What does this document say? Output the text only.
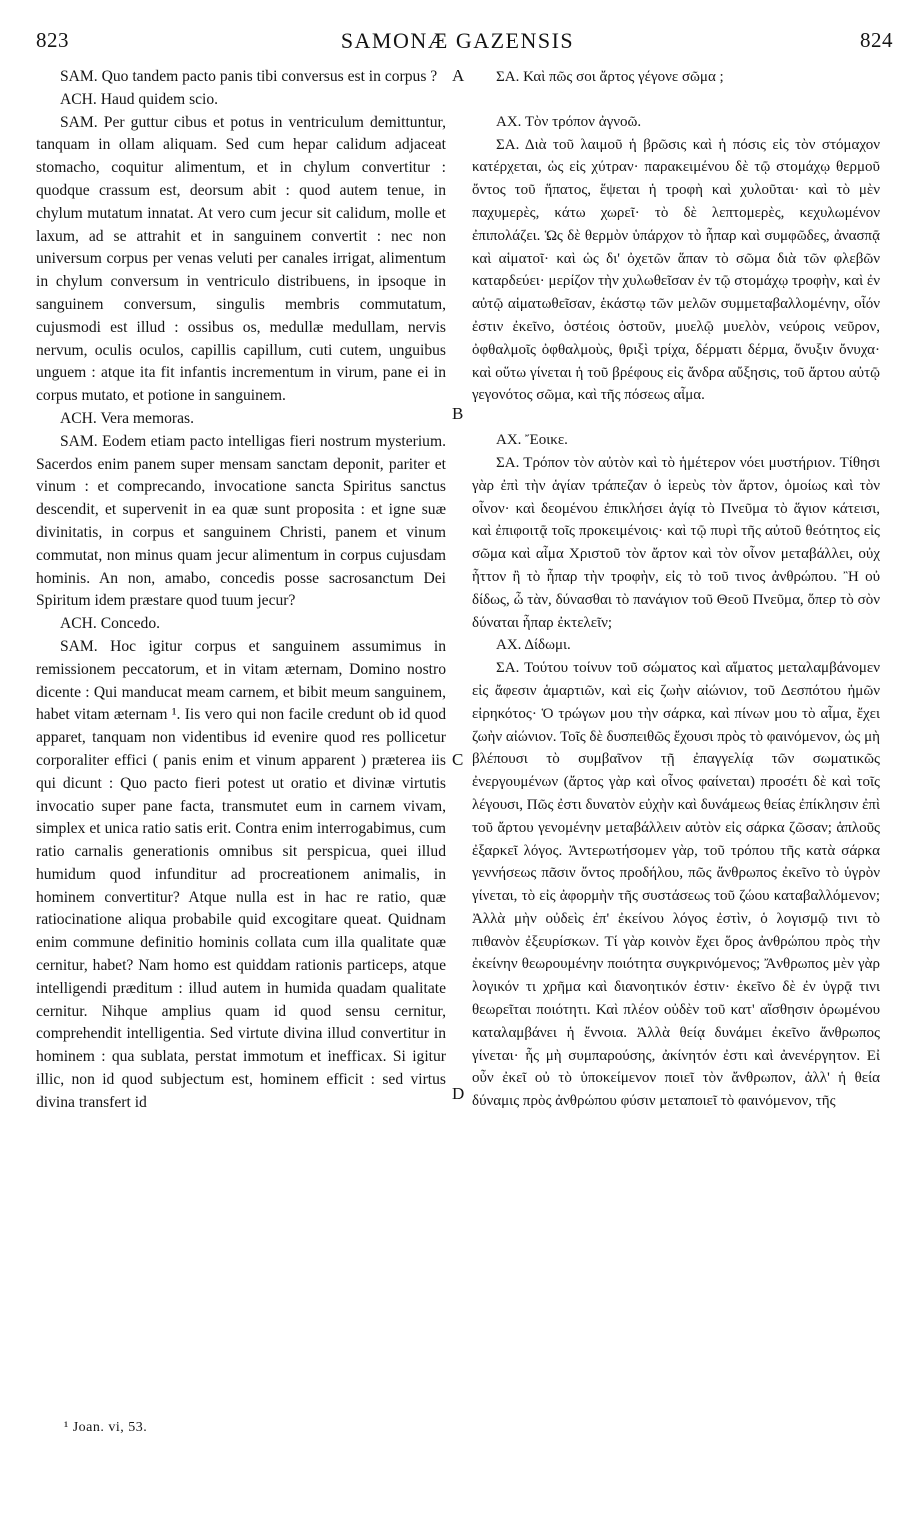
823	SAMONÆ GAZENSIS	824
A
B
C
D

SAM. Quo tandem pacto panis tibi conversus est in corpus ?

ACH. Haud quidem scio.

SAM. Per guttur cibus et potus in ventriculum demittuntur, tanquam in ollam aliquam. Sed cum hepar calidum adjaceat stomacho, coquitur alimentum, et in chylum convertitur : quodque crassum est, deorsum abit : quod autem tenue, in chylum mutatum innatat. At vero cum jecur sit calidum, molle et laxum, ad se attrahit et in sanguinem convertit : nec non universum corpus per venas veluti per canales irrigat, alimentum in chylum conversum in ventriculo distribuens, in ipsoque in sanguinem conversum, singulis membris commutatum, cujusmodi est illud : ossibus os, medullæ medullam, nervis nervum, oculis oculos, capillis capillum, cuti cutem, unguibus unguem : atque ita fit infantis incrementum in virum, pane ei in corpus mutato, et potione in sanguinem.

ACH. Vera memoras.

SAM. Eodem etiam pacto intelligas fieri nostrum mysterium. Sacerdos enim panem super mensam sanctam deponit, pariter et vinum : et comprecando, invocatione sancta Spiritus sanctus descendit, et supervenit in ea quæ sunt proposita : et igne suæ divinitatis, in corpus et sanguinem Christi, panem et vinum commutat, non minus quam jecur alimentum in corpus cujusdam hominis. An non, amabo, concedis posse sacrosanctum Dei Spiritum idem præstare quod tuum jecur?

ACH. Concedo.

SAM. Hoc igitur corpus et sanguinem assumimus in remissionem peccatorum, et in vitam æternam, Domino nostro dicente : Qui manducat meam carnem, et bibit meum sanguinem, habet vitam æternam ¹. Iis vero qui non facile credunt ob id quod apparet, tanquam non videntibus id evenire quod res pollicetur corporaliter effici ( panis enim et vinum apparent ) præterea iis qui dicunt : Quo pacto fieri potest ut oratio et divinæ virtutis invocatio super pane facta, transmutet eum in carnem vivam, simplex et unica ratio satis erit. Contra enim interrogabimus, cum ratio carnalis generationis omnibus sit perspicua, quei illud humidum quod infunditur ad procreationem animalis, in hominem convertitur? Atque nulla est in hac re ratio, quæ ratiocinatione aliqua probabile quid excogitare queat. Quidnam enim commune definitio hominis collata cum illa qualitate quæ cernitur, habet? Nam homo est quiddam rationis particeps, atque intelligendi præditum : illud autem in humida quadam qualitate cernitur. Nihque amplius quam id quod sensu cernitur, comprehendit intelligentia. Sed virtute divina illud convertitur in hominem : qua sublata, perstat immotum et inefficax. Si igitur illic, non id quod subjectum est, hominem efficit : sed virtus divina transfert id

ΣΑ. Καὶ πῶς σοι ἄρτος γέγονε σῶμα ;

ΑΧ. Τὸν τρόπον ἀγνοῶ.

ΣΑ. Διὰ τοῦ λαιμοῦ ἡ βρῶσις καὶ ἡ πόσις εἰς τὸν στόμαχον κατέρχεται, ὡς εἰς χύτραν· παρακειμένου δὲ τῷ στομάχῳ θερμοῦ ὄντος τοῦ ἥπατος, ἕψεται ἡ τροφὴ καὶ χυλοῦται· καὶ τὸ μὲν παχυμερὲς, κάτω χωρεῖ· τὸ δὲ λεπτομερὲς, κεχυλωμένον ἐπιπολάζει. Ὡς δὲ θερμὸν ὑπάρχον τὸ ἧπαρ καὶ συμφῶδες, ἀνασπᾷ καὶ αἱματοῖ· καὶ ὡς δι' ὀχετῶν ἅπαν τὸ σῶμα διὰ τῶν φλεβῶν καταρδεύει· μερίζον τὴν χυλωθεῖσαν ἐν τῷ στομάχῳ τροφὴν, καὶ ἐν αὐτῷ αἱματωθεῖσαν, ἑκάστῳ τῶν μελῶν συμμεταβαλλομένην, οἷόν ἐστιν ἐκεῖνο, ὀστέοις ὀστοῦν, μυελῷ μυελὸν, νεύροις νεῦρον, ὀφθαλμοῖς ὀφθαλμοὺς, θριξὶ τρίχα, δέρματι δέρμα, ὄνυξιν ὄνυχα· καὶ οὕτω γίνεται ἡ τοῦ βρέφους εἰς ἄνδρα αὔξησις, τοῦ ἄρτου αὐτῷ γεγονότος σῶμα, καὶ τῆς πόσεως αἷμα.

ΑΧ. Ἔοικε.

ΣΑ. Τρόπον τὸν αὐτὸν καὶ τὸ ἡμέτερον νόει μυστήριον. Τίθησι γὰρ ἐπὶ τὴν ἁγίαν τράπεζαν ὁ ἱερεὺς τὸν ἄρτον, ὁμοίως καὶ τὸν οἶνον· καὶ δεομένου ἐπικλήσει ἁγίᾳ τὸ Πνεῦμα τὸ ἅγιον κάτεισι, καὶ ἐπιφοιτᾷ τοῖς προκειμένοις· καὶ τῷ πυρὶ τῆς αὐτοῦ θεότητος εἰς σῶμα καὶ αἷμα Χριστοῦ τὸν ἄρτον καὶ τὸν οἶνον μεταβάλλει, οὐχ ἧττον ἢ τὸ ἧπαρ τὴν τροφὴν, εἰς τὸ τοῦ τινος ἀνθρώπου. Ἢ οὐ δίδως, ὦ τὰν, δύνασθαι τὸ πανάγιον τοῦ Θεοῦ Πνεῦμα, ὅπερ τὸ σὸν δύναται ἧπαρ ἐκτελεῖν;

ΑΧ. Δίδωμι.

ΣΑ. Τούτου τοίνυν τοῦ σώματος καὶ αἵματος μεταλαμβάνομεν εἰς ἄφεσιν ἁμαρτιῶν, καὶ εἰς ζωὴν αἰώνιον, τοῦ Δεσπότου ἡμῶν εἰρηκότος· Ὁ τρώγων μου τὴν σάρκα, καὶ πίνων μου τὸ αἷμα, ἔχει ζωὴν αἰώνιον. Τοῖς δὲ δυσπειθῶς ἔχουσι πρὸς τὸ φαινόμενον, ὡς μὴ βλέπουσι τὸ συμβαῖνον τῇ ἐπαγγελίᾳ τῶν σωματικῶς ἐνεργουμένων (ἄρτος γὰρ καὶ οἶνος φαίνεται) προσέτι δὲ καὶ τοῖς λέγουσι, Πῶς ἐστι δυνατὸν εὐχὴν καὶ δυνάμεως θείας ἐπίκλησιν ἐπὶ τοῦ ἄρτου γενομένην μεταβάλλειν αὐτὸν εἰς σάρκα ζῶσαν; ἁπλοῦς ἐξαρκεῖ λόγος. Ἀντερωτήσομεν γὰρ, τοῦ τρόπου τῆς κατὰ σάρκα γεννήσεως πᾶσιν ὄντος προδήλου, πῶς ἄνθρωπος ἐκεῖνο τὸ ὑγρὸν γίνεται, τὸ εἰς ἀφορμὴν τῆς συστάσεως τοῦ ζώου καταβαλλόμενον; Ἀλλὰ μὴν οὐδεὶς ἐπ' ἐκείνου λόγος ἐστὶν, ὁ λογισμῷ τινι τὸ πιθανὸν ἐξευρίσκων. Τί γὰρ κοινὸν ἔχει ὅρος ἀνθρώπου πρὸς τὴν ἐκείνην θεωρουμένην ποιότητα συγκρινόμενος; Ἄνθρωπος μὲν γὰρ λογικόν τι χρῆμα καὶ διανοητικόν ἐστιν· ἐκεῖνο δὲ ἐν ὑγρᾷ τινι θεωρεῖται ποιότητι. Καὶ πλέον οὐδὲν τοῦ κατ' αἴσθησιν ὁρωμένου καταλαμβάνει ἡ ἔννοια. Ἀλλὰ θείᾳ δυνάμει ἐκεῖνο ἄνθρωπος γίνεται· ἧς μὴ συμπαρούσης, ἀκίνητόν ἐστι καὶ ἀνενέργητον. Εἰ οὖν ἐκεῖ οὐ τὸ ὑποκείμενον ποιεῖ τὸν ἄνθρωπον, ἀλλ' ἡ θεία δύναμις πρὸς ἀνθρώπου φύσιν μεταποιεῖ τὸ φαινόμενον, τῆς

¹ Joan. vi, 53.
